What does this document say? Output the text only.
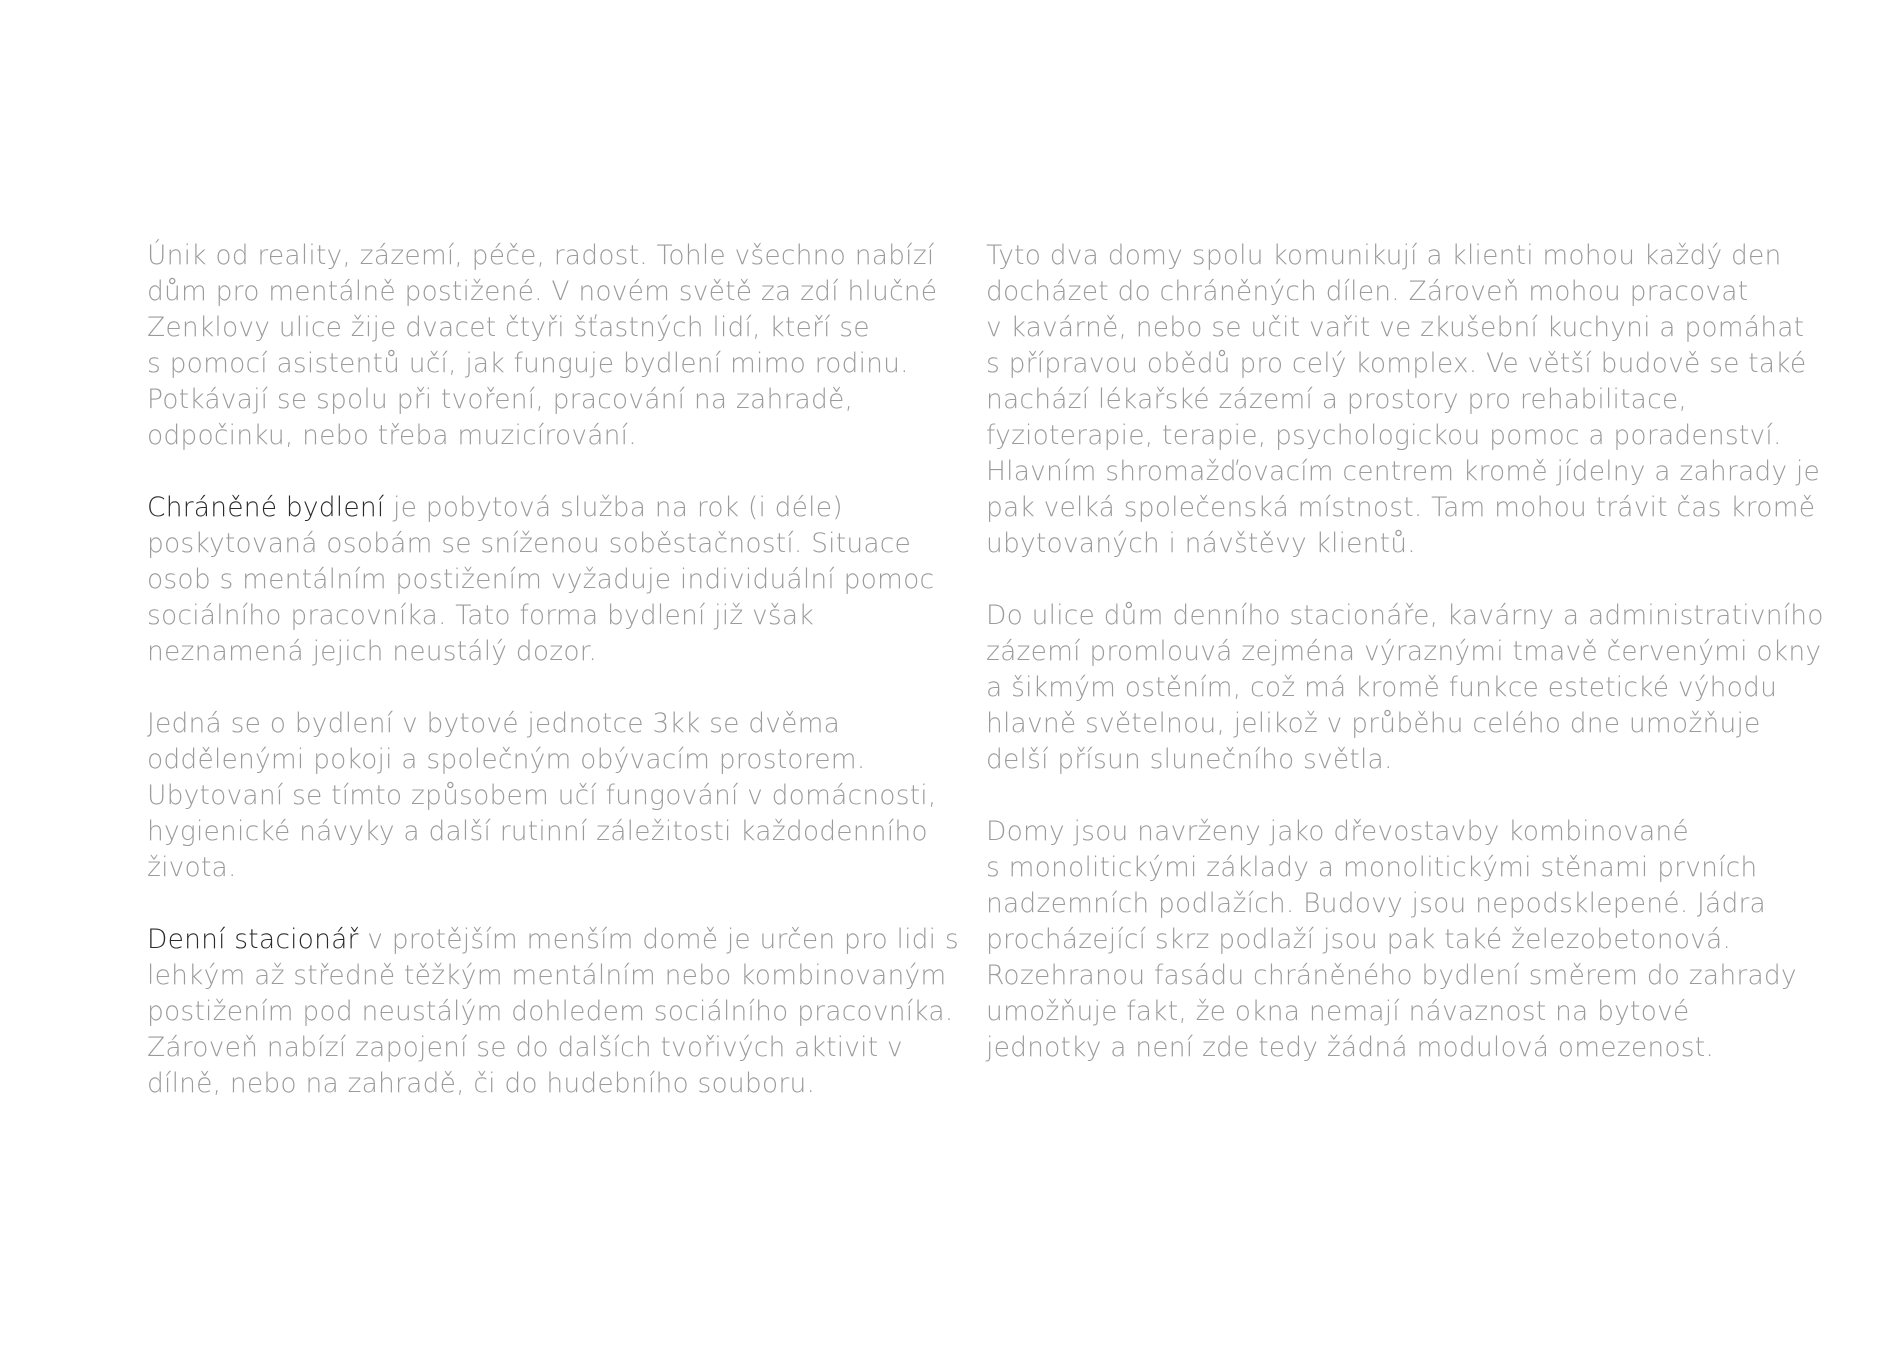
Únik od reality, zázemí, péče, radost. Tohle všechno nabízí
dům pro mentálně postižené. V novém světě za zdí hlučné
Zenklovy ulice žije dvacet čtyři šťastných lidí, kteří se
s pomocí asistentů učí, jak funguje bydlení mimo rodinu.
Potkávají se spolu při tvoření, pracování na zahradě,
odpočinku, nebo třeba muzicírování.

Chráněné bydlení je pobytová služba na rok (i déle)
poskytovaná osobám se sníženou soběstačností. Situace
osob s mentálním postižením vyžaduje individuální pomoc
sociálního pracovníka. Tato forma bydlení již však
neznamená jejich neustálý dozor.

Jedná se o bydlení v bytové jednotce 3kk se dvěma
oddělenými pokoji a společným obývacím prostorem.
Ubytovaní se tímto způsobem učí fungování v domácnosti,
hygienické návyky a další rutinní záležitosti každodenního
života.

Denní stacionář v protějším menším domě je určen pro lidi s
lehkým až středně těžkým mentálním nebo kombinovaným
postižením pod neustálým dohledem sociálního pracovníka.
Zároveň nabízí zapojení se do dalších tvořivých aktivit v
dílně, nebo na zahradě, či do hudebního souboru.

Tyto dva domy spolu komunikují a klienti mohou každý den
docházet do chráněných dílen. Zároveň mohou pracovat
v kavárně, nebo se učit vařit ve zkušební kuchyni a pomáhat
s přípravou obědů pro celý komplex. Ve větší budově se také
nachází lékařské zázemí a prostory pro rehabilitace,
fyzioterapie, terapie, psychologickou pomoc a poradenství.
Hlavním shromažďovacím centrem kromě jídelny a zahrady je
pak velká společenská místnost. Tam mohou trávit čas kromě
ubytovaných i návštěvy klientů.

Do ulice dům denního stacionáře, kavárny a administrativního
zázemí promlouvá zejména výraznými tmavě červenými okny
a šikmým ostěním, což má kromě funkce estetické výhodu
hlavně světelnou, jelikož v průběhu celého dne umožňuje
delší přísun slunečního světla.

Domy jsou navrženy jako dřevostavby kombinované
s monolitickými základy a monolitickými stěnami prvních
nadzemních podlažích. Budovy jsou nepodsklepené. Jádra
procházející skrz podlaží jsou pak také železobetonová.
Rozehranou fasádu chráněného bydlení směrem do zahrady
umožňuje fakt, že okna nemají návaznost na bytové
jednotky a není zde tedy žádná modulová omezenost.
